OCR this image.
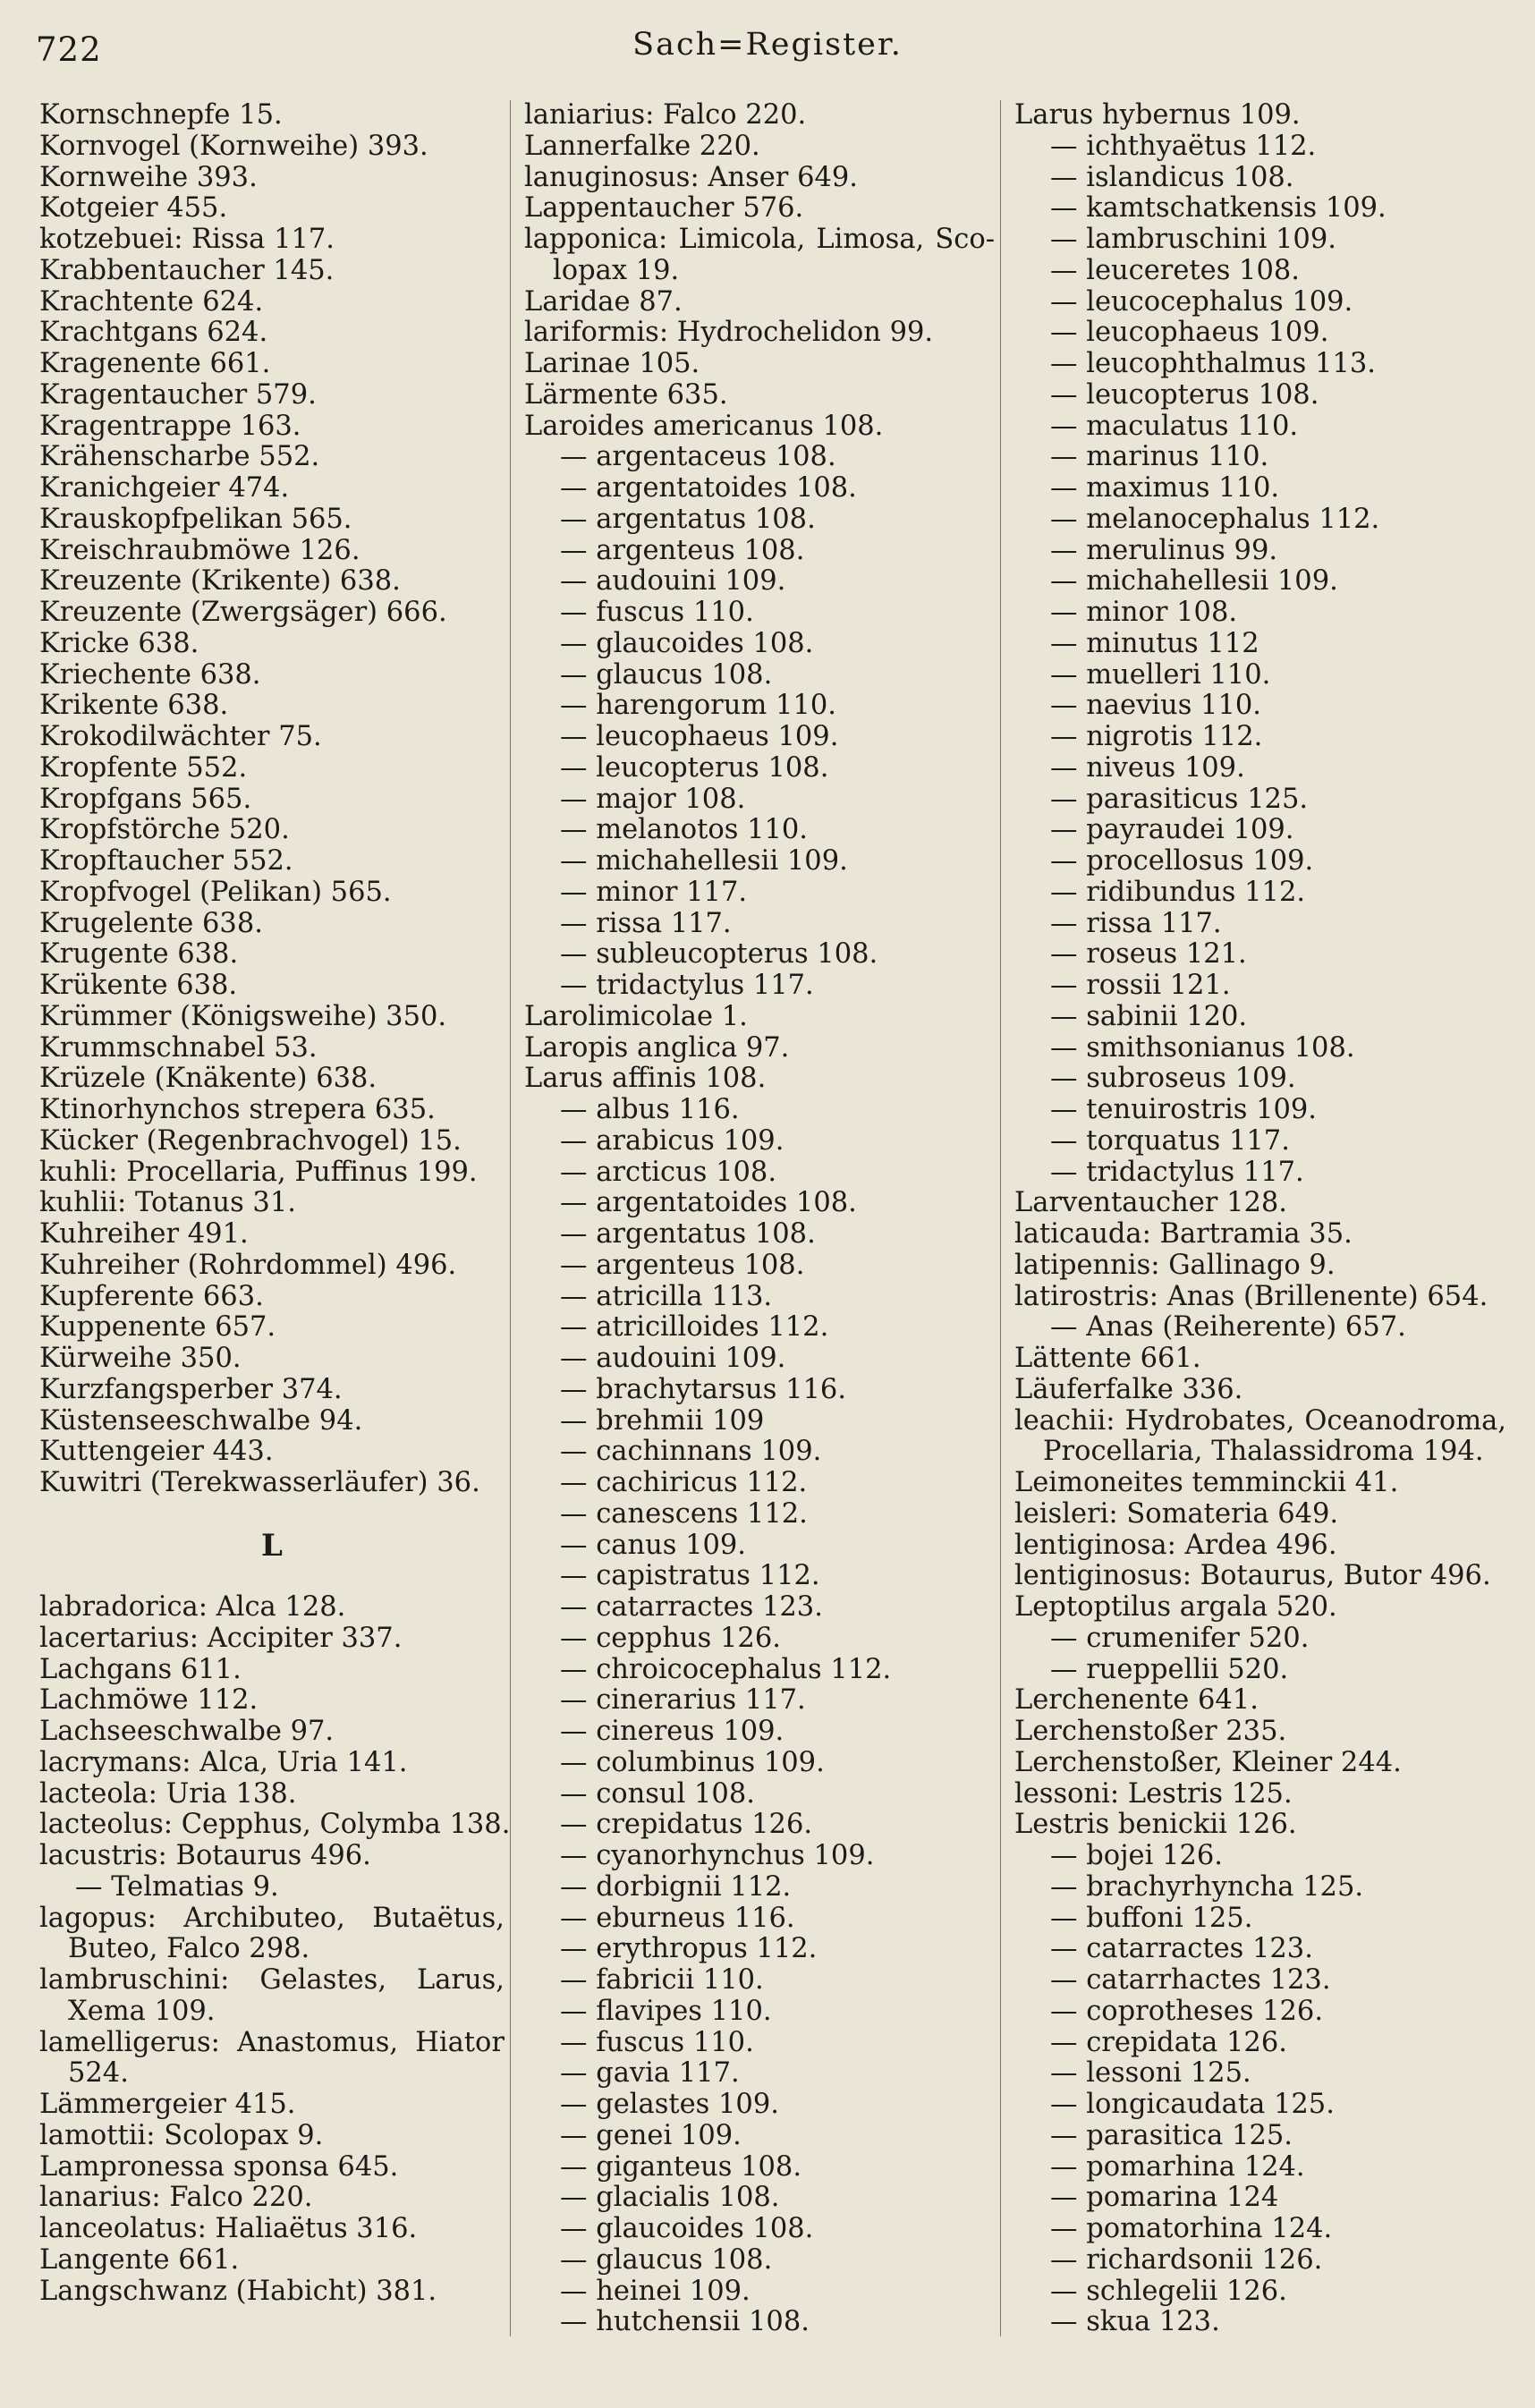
722	Sach=Register.
Kornschnepfe 15.
Kornvogel (Kornweihe) 393.
Kornweihe 393.
Kotgeier 455.
kotzebuei: Rissa 117.
Krabbentaucher 145.
Krachtente 624.
Krachtgans 624.
Kragenente 661.
Kragentaucher 579.
Kragentrappe 163.
Krähenscharbe 552.
Kranichgeier 474.
Krauskopfpelikan 565.
Kreischraubmöwe 126.
Kreuzente (Krikente) 638.
Kreuzente (Zwergsäger) 666.
Kricke 638.
Kriechente 638.
Krikente 638.
Krokodilwächter 75.
Kropfente 552.
Kropfgans 565.
Kropfstörche 520.
Kropftaucher 552.
Kropfvogel (Pelikan) 565.
Krugelente 638.
Krugente 638.
Krükente 638.
Krümmer (Königsweihe) 350.
Krummschnabel 53.
Krüzele (Knäkente) 638.
Ktinorhynchos strepera 635.
Kücker (Regenbrachvogel) 15.
kuhli: Procellaria, Puffinus 199.
kuhlii: Totanus 31.
Kuhreiher 491.
Kuhreiher (Rohrdommel) 496.
Kupferente 663.
Kuppenente 657.
Kürweihe 350.
Kurzfangsperber 374.
Küstenseeschwalbe 94.
Kuttengeier 443.
Kuwitri (Terekwasserläufer) 36.
L
labradorica: Alca 128.
lacertarius: Accipiter 337.
Lachgans 611.
Lachmöwe 112.
Lachseeschwalbe 97.
lacrymans: Alca, Uria 141.
lacteola: Uria 138.
lacteolus: Cepphus, Colymba 138.
lacustris: Botaurus 496.
— Telmatias 9.
lagopus: Archibuteo, Butaëtus,
Buteo, Falco 298.
lambruschini: Gelastes, Larus,
Xema 109.
lamelligerus: Anastomus, Hiator
524.
Lämmergeier 415.
lamottii: Scolopax 9.
Lampronessa sponsa 645.
lanarius: Falco 220.
lanceolatus: Haliaëtus 316.
Langente 661.
Langschwanz (Habicht) 381.
laniarius: Falco 220.
Lannerfalke 220.
lanuginosus: Anser 649.
Lappentaucher 576.
lapponica: Limicola, Limosa, Sco-
lopax 19.
Laridae 87.
lariformis: Hydrochelidon 99.
Larinae 105.
Lärmente 635.
Laroides americanus 108.
— argentaceus 108.
— argentatoides 108.
— argentatus 108.
— argenteus 108.
— audouini 109.
— fuscus 110.
— glaucoides 108.
— glaucus 108.
— harengorum 110.
— leucophaeus 109.
— leucopterus 108.
— major 108.
— melanotos 110.
— michahellesii 109.
— minor 117.
— rissa 117.
— subleucopterus 108.
— tridactylus 117.
Larolimicolae 1.
Laropis anglica 97.
Larus affinis 108.
— albus 116.
— arabicus 109.
— arcticus 108.
— argentatoides 108.
— argentatus 108.
— argenteus 108.
— atricilla 113.
— atricilloides 112.
— audouini 109.
— brachytarsus 116.
— brehmii 109
— cachinnans 109.
— cachiricus 112.
— canescens 112.
— canus 109.
— capistratus 112.
— catarractes 123.
— cepphus 126.
— chroicocephalus 112.
— cinerarius 117.
— cinereus 109.
— columbinus 109.
— consul 108.
— crepidatus 126.
— cyanorhynchus 109.
— dorbignii 112.
— eburneus 116.
— erythropus 112.
— fabricii 110.
— flavipes 110.
— fuscus 110.
— gavia 117.
— gelastes 109.
— genei 109.
— giganteus 108.
— glacialis 108.
— glaucoides 108.
— glaucus 108.
— heinei 109.
— hutchensii 108.
Larus hybernus 109.
— ichthyaëtus 112.
— islandicus 108.
— kamtschatkensis 109.
— lambruschini 109.
— leuceretes 108.
— leucocephalus 109.
— leucophaeus 109.
— leucophthalmus 113.
— leucopterus 108.
— maculatus 110.
— marinus 110.
— maximus 110.
— melanocephalus 112.
— merulinus 99.
— michahellesii 109.
— minor 108.
— minutus 112
— muelleri 110.
— naevius 110.
— nigrotis 112.
— niveus 109.
— parasiticus 125.
— payraudei 109.
— procellosus 109.
— ridibundus 112.
— rissa 117.
— roseus 121.
— rossii 121.
— sabinii 120.
— smithsonianus 108.
— subroseus 109.
— tenuirostris 109.
— torquatus 117.
— tridactylus 117.
Larventaucher 128.
laticauda: Bartramia 35.
latipennis: Gallinago 9.
latirostris: Anas (Brillenente) 654.
— Anas (Reiherente) 657.
Lättente 661.
Läuferfalke 336.
leachii: Hydrobates, Oceanodroma,
Procellaria, Thalassidroma 194.
Leimoneites temminckii 41.
leisleri: Somateria 649.
lentiginosa: Ardea 496.
lentiginosus: Botaurus, Butor 496.
Leptoptilus argala 520.
— crumenifer 520.
— rueppellii 520.
Lerchenente 641.
Lerchenstoßer 235.
Lerchenstoßer, Kleiner 244.
lessoni: Lestris 125.
Lestris benickii 126.
— bojei 126.
— brachyrhyncha 125.
— buffoni 125.
— catarractes 123.
— catarrhactes 123.
— coprotheses 126.
— crepidata 126.
— lessoni 125.
— longicaudata 125.
— parasitica 125.
— pomarhina 124.
— pomarina 124
— pomatorhina 124.
— richardsonii 126.
— schlegelii 126.
— skua 123.
